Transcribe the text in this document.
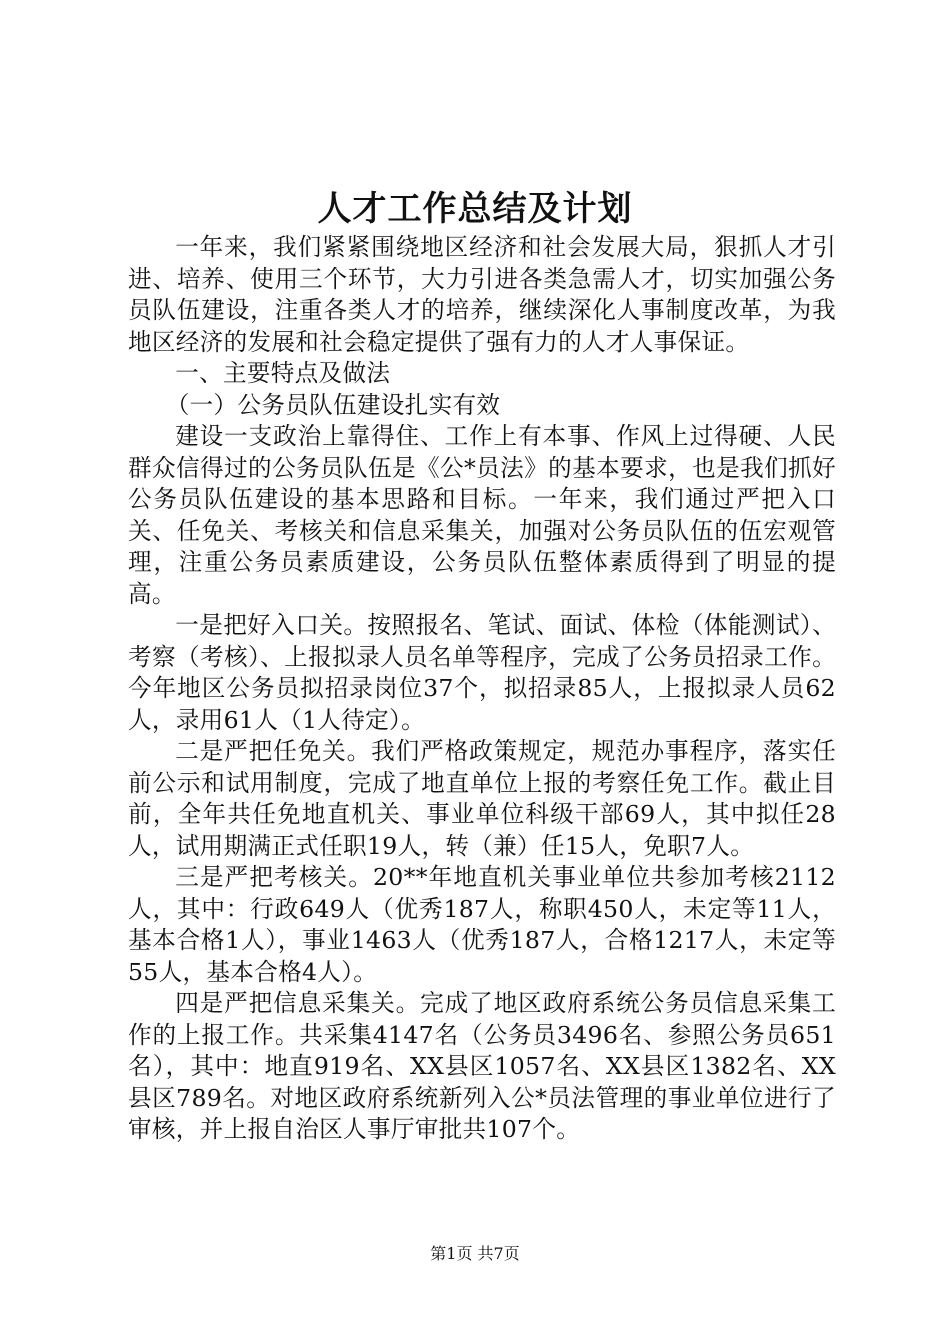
人才工作总结及计划

一年来，我们紧紧围绕地区经济和社会发展大局，狠抓人才引进、培养、使用三个环节，大力引进各类急需人才，切实加强公务员队伍建设，注重各类人才的培养，继续深化人事制度改革，为我地区经济的发展和社会稳定提供了强有力的人才人事保证。

一、主要特点及做法

（一）公务员队伍建设扎实有效

建设一支政治上靠得住、工作上有本事、作风上过得硬、人民群众信得过的公务员队伍是《公*员法》的基本要求，也是我们抓好公务员队伍建设的基本思路和目标。一年来，我们通过严把入口关、任免关、考核关和信息采集关，加强对公务员队伍的伍宏观管理，注重公务员素质建设，公务员队伍整体素质得到了明显的提高。

一是把好入口关。按照报名、笔试、面试、体检（体能测试）、考察（考核）、上报拟录人员名单等程序，完成了公务员招录工作。今年地区公务员拟招录岗位37个，拟招录85人，上报拟录人员62人，录用61人（1人待定）。

二是严把任免关。我们严格政策规定，规范办事程序，落实任前公示和试用制度，完成了地直单位上报的考察任免工作。截止目前，全年共任免地直机关、事业单位科级干部69人，其中拟任28人，试用期满正式任职19人，转（兼）任15人，免职7人。

三是严把考核关。20**年地直机关事业单位共参加考核2112人，其中：行政649人（优秀187人，称职450人，未定等11人，基本合格1人），事业1463人（优秀187人，合格1217人，未定等55人，基本合格4人）。

四是严把信息采集关。完成了地区政府系统公务员信息采集工作的上报工作。共采集4147名（公务员3496名、参照公务员651名），其中：地直919名、XX县区1057名、XX县区1382名、XX县区789名。对地区政府系统新列入公*员法管理的事业单位进行了审核，并上报自治区人事厅审批共107个。

第1页 共7页
